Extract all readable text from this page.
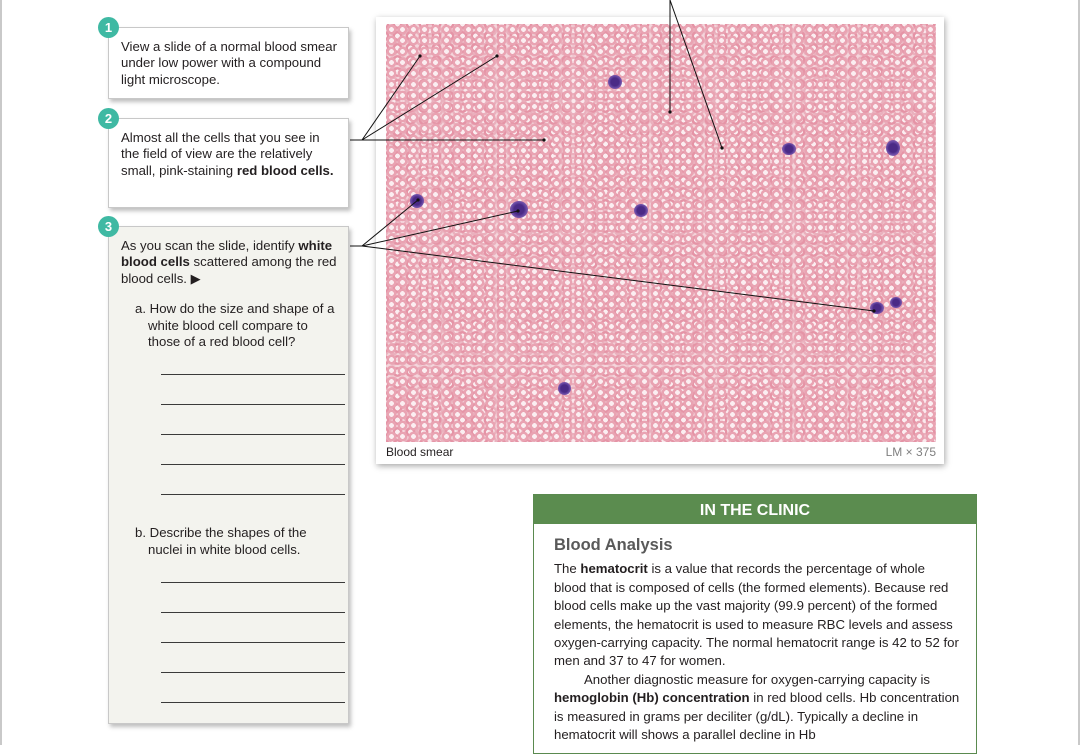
1
View a slide of a normal blood smear under low power with a compound light microscope.
2
Almost all the cells that you see in the field of view are the relatively small, pink-staining red blood cells.
3
As you scan the slide, identify white blood cells scattered among the red blood cells. ▶
a. How do the size and shape of a white blood cell compare to those of a red blood cell?
b. Describe the shapes of the nuclei in white blood cells.
Blood smear	LM × 375
IN THE CLINIC
Blood Analysis

The hematocrit is a value that records the percentage of whole blood that is composed of cells (the formed elements). Because red blood cells make up the vast majority (99.9 percent) of the formed elements, the hematocrit is used to measure RBC levels and assess oxygen-carrying capacity. The normal hematocrit range is 42 to 52 for men and 37 to 47 for women.

Another diagnostic measure for oxygen-carrying capacity is hemoglobin (Hb) concentration in red blood cells. Hb concentration is measured in grams per deciliter (g/dL). Typically a decline in hematocrit will shows a parallel decline in Hb
